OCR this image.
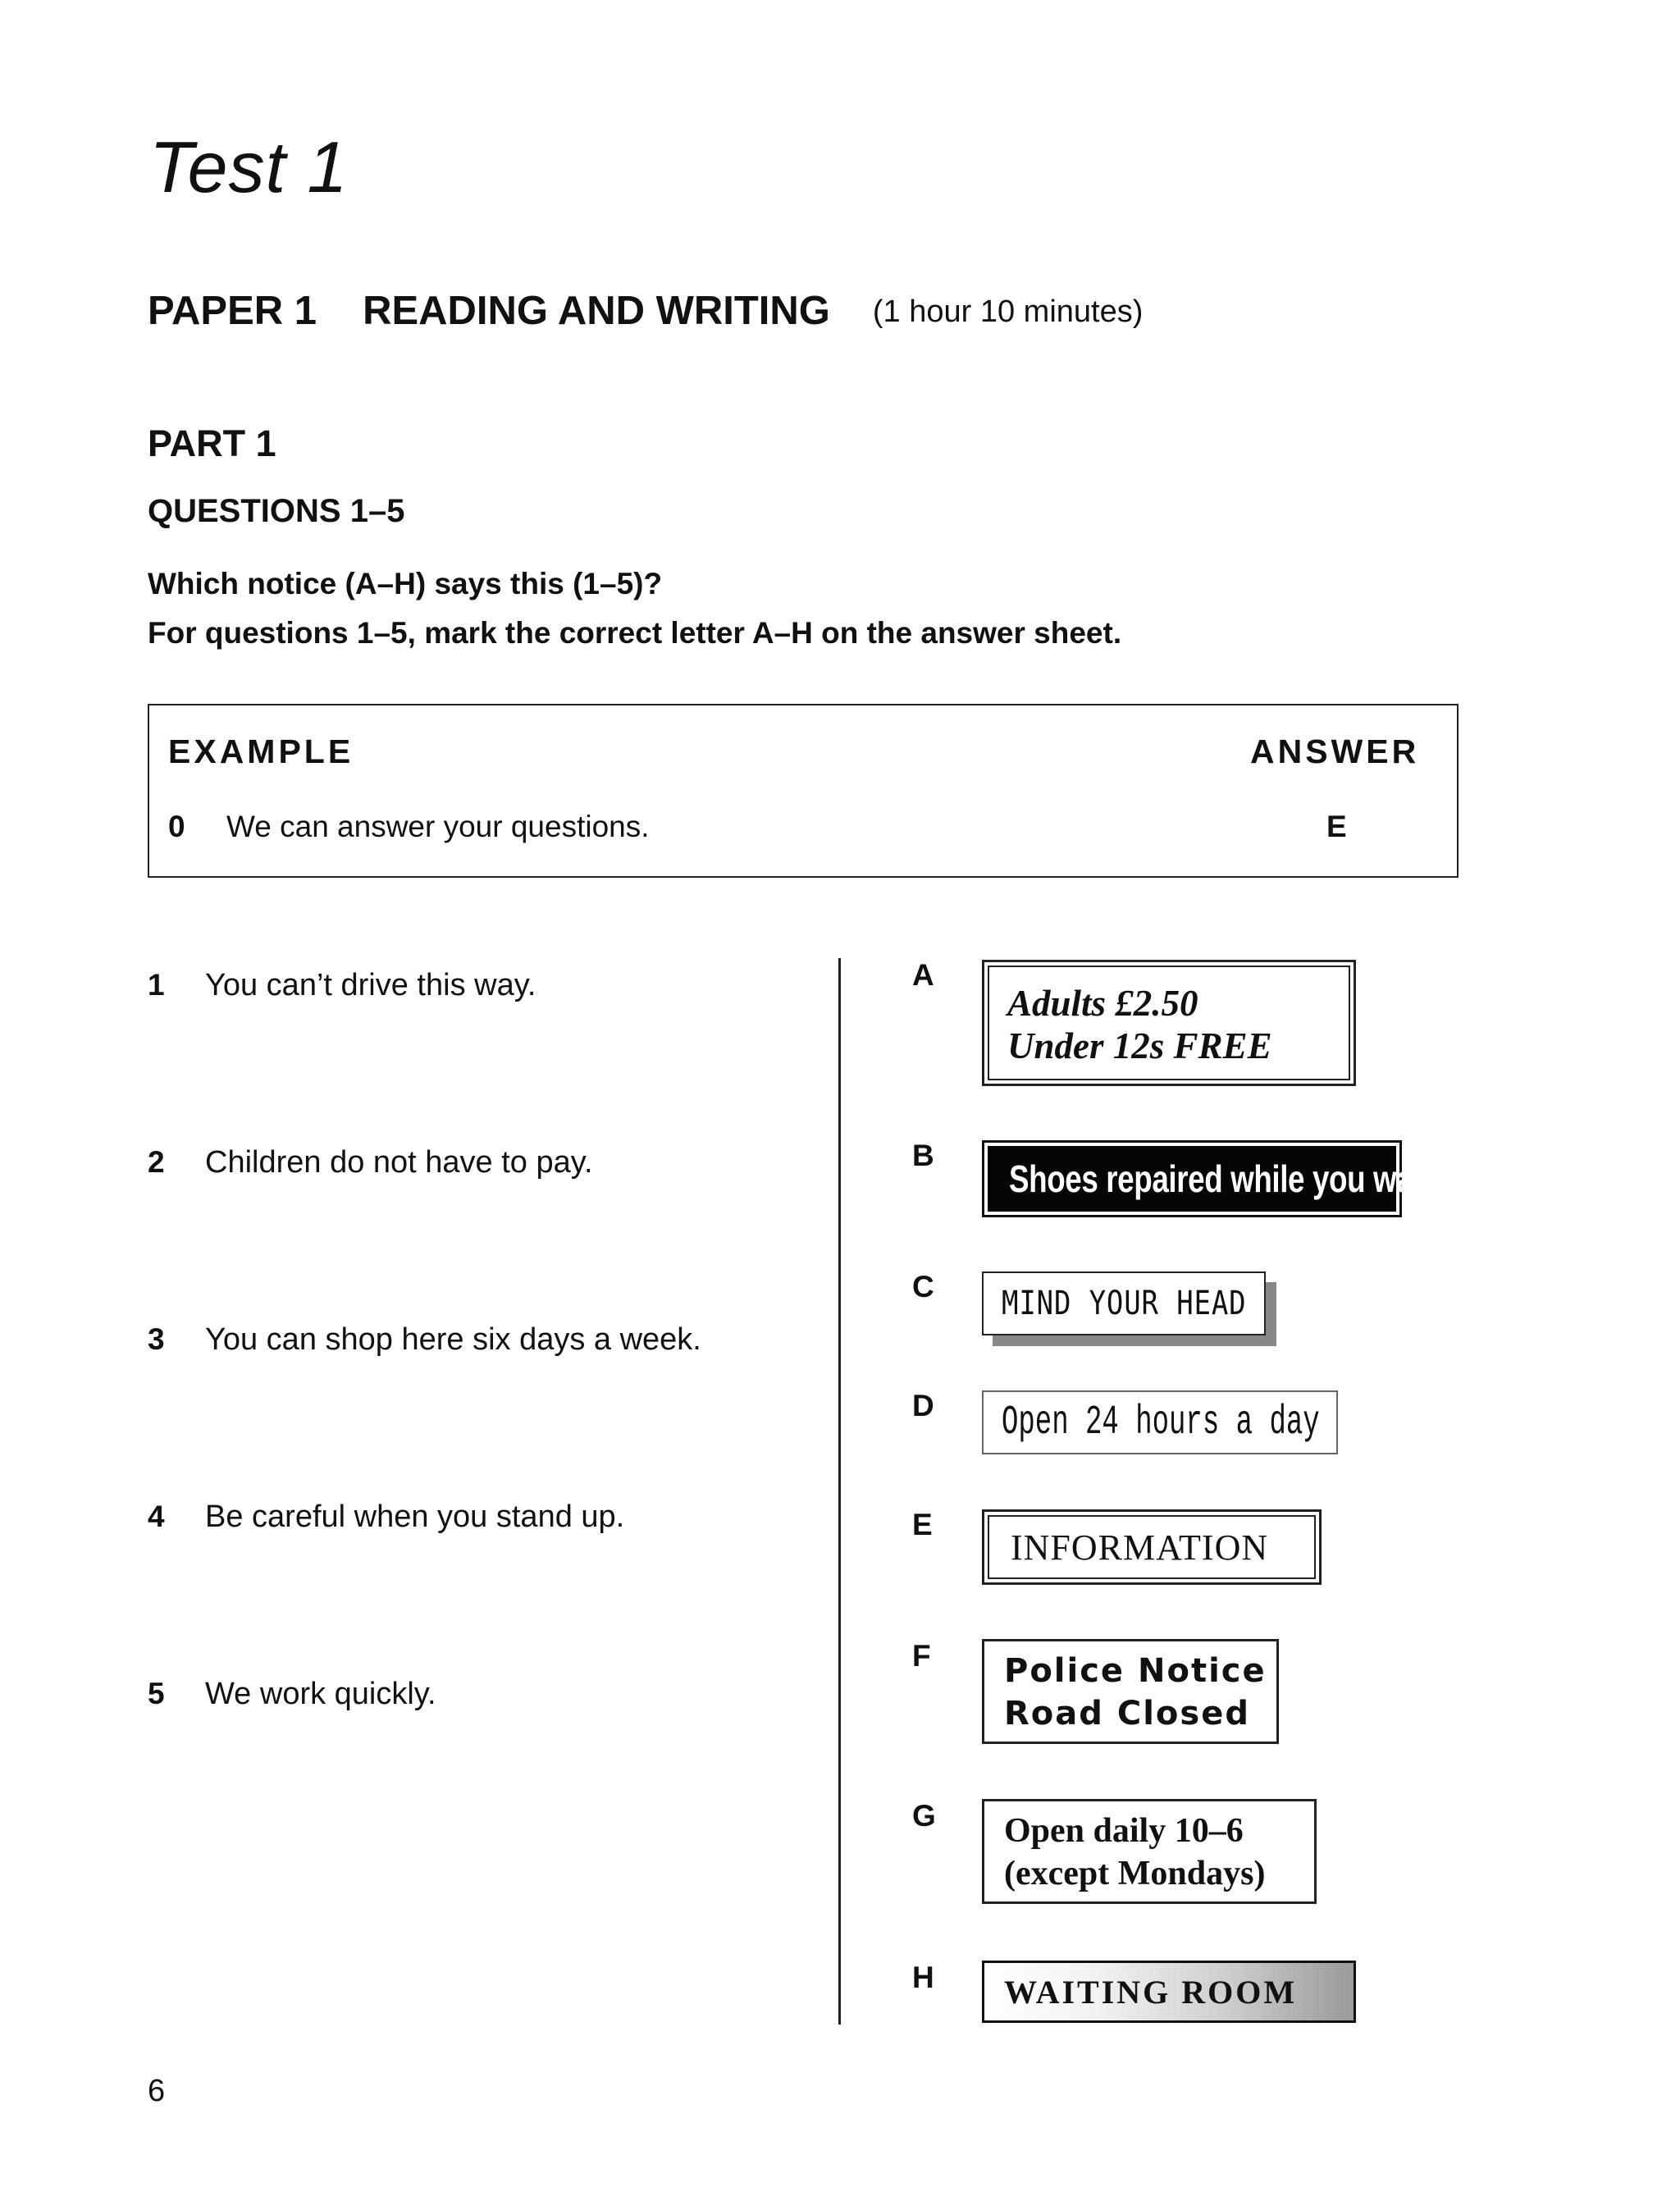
Test 1
PAPER 1 READING AND WRITING (1 hour 10 minutes)
PART 1
QUESTIONS 1–5
Which notice (A–H) says this (1–5)?
For questions 1–5, mark the correct letter A–H on the answer sheet.
EXAMPLE	ANSWER
0 We can answer your questions.	E
1 You can’t drive this way.
2 Children do not have to pay.
3 You can shop here six days a week.
4 Be careful when you stand up.
5 We work quickly.
A
Adults £2.50
Under 12s FREE
B
Shoes repaired while you wait
C MIND YOUR HEAD
D Open 24 hours a day
E
INFORMATION
F Police Notice
Road Closed
G Open daily 10–6
(except Mondays)
H WAITING ROOM
6
